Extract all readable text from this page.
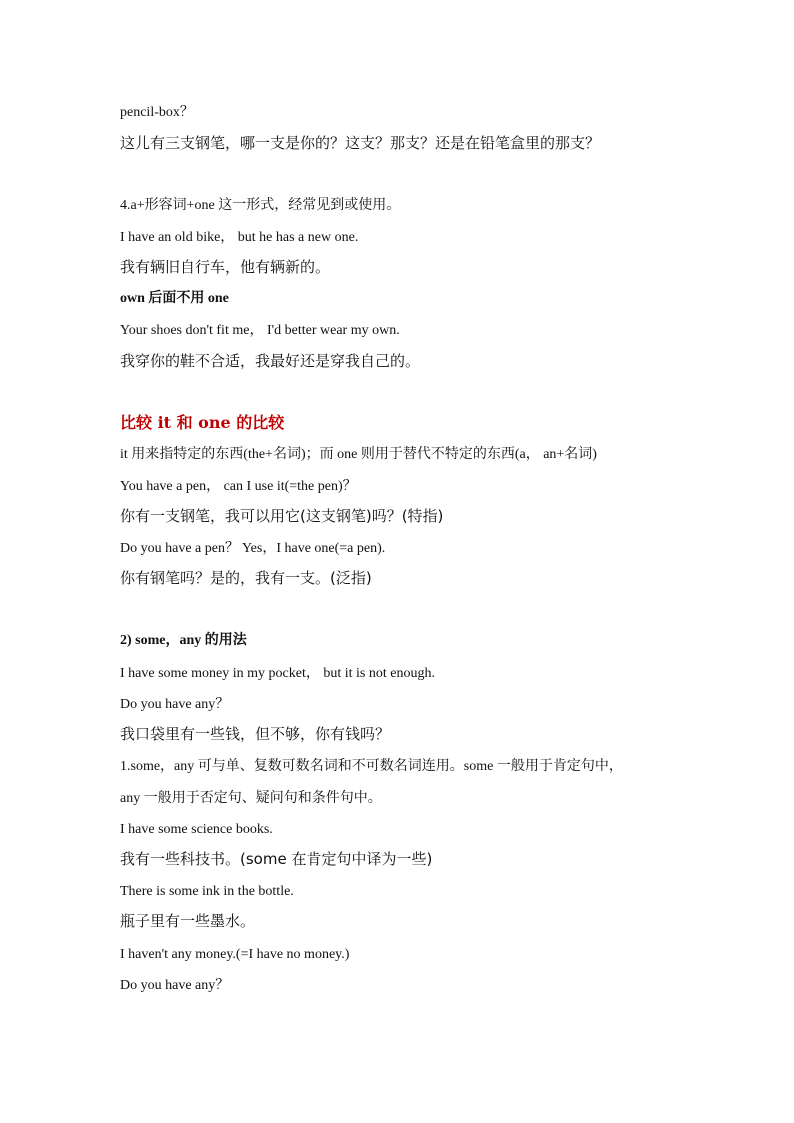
pencil-box？
这儿有三支钢笔，哪一支是你的？这支？那支？还是在铅笔盒里的那支？
4.a+形容词+one 这一形式，经常见到或使用。
I have an old bike， but he has a new one.
我有辆旧自行车，他有辆新的。
own 后面不用 one
Your shoes don't fit me， I'd better wear my own.
我穿你的鞋不合适，我最好还是穿我自己的。
比较 it 和 one 的比较
it 用来指特定的东西(the+名词)；而 one 则用于替代不特定的东西(a， an+名词)
You have a pen， can I use it(=the pen)？
你有一支钢笔，我可以用它(这支钢笔)吗？(特指)
Do you have a pen？ Yes，I have one(=a pen).
你有钢笔吗？是的，我有一支。(泛指)
2) some，any 的用法
I have some money in my pocket， but it is not enough.
Do you have any？
我口袋里有一些钱，但不够，你有钱吗？
1.some，any 可与单、复数可数名词和不可数名词连用。some 一般用于肯定句中，
any 一般用于否定句、疑问句和条件句中。
I have some science books.
我有一些科技书。(some 在肯定句中译为一些)
There is some ink in the bottle.
瓶子里有一些墨水。
I haven't any money.(=I have no money.)
Do you have any？
